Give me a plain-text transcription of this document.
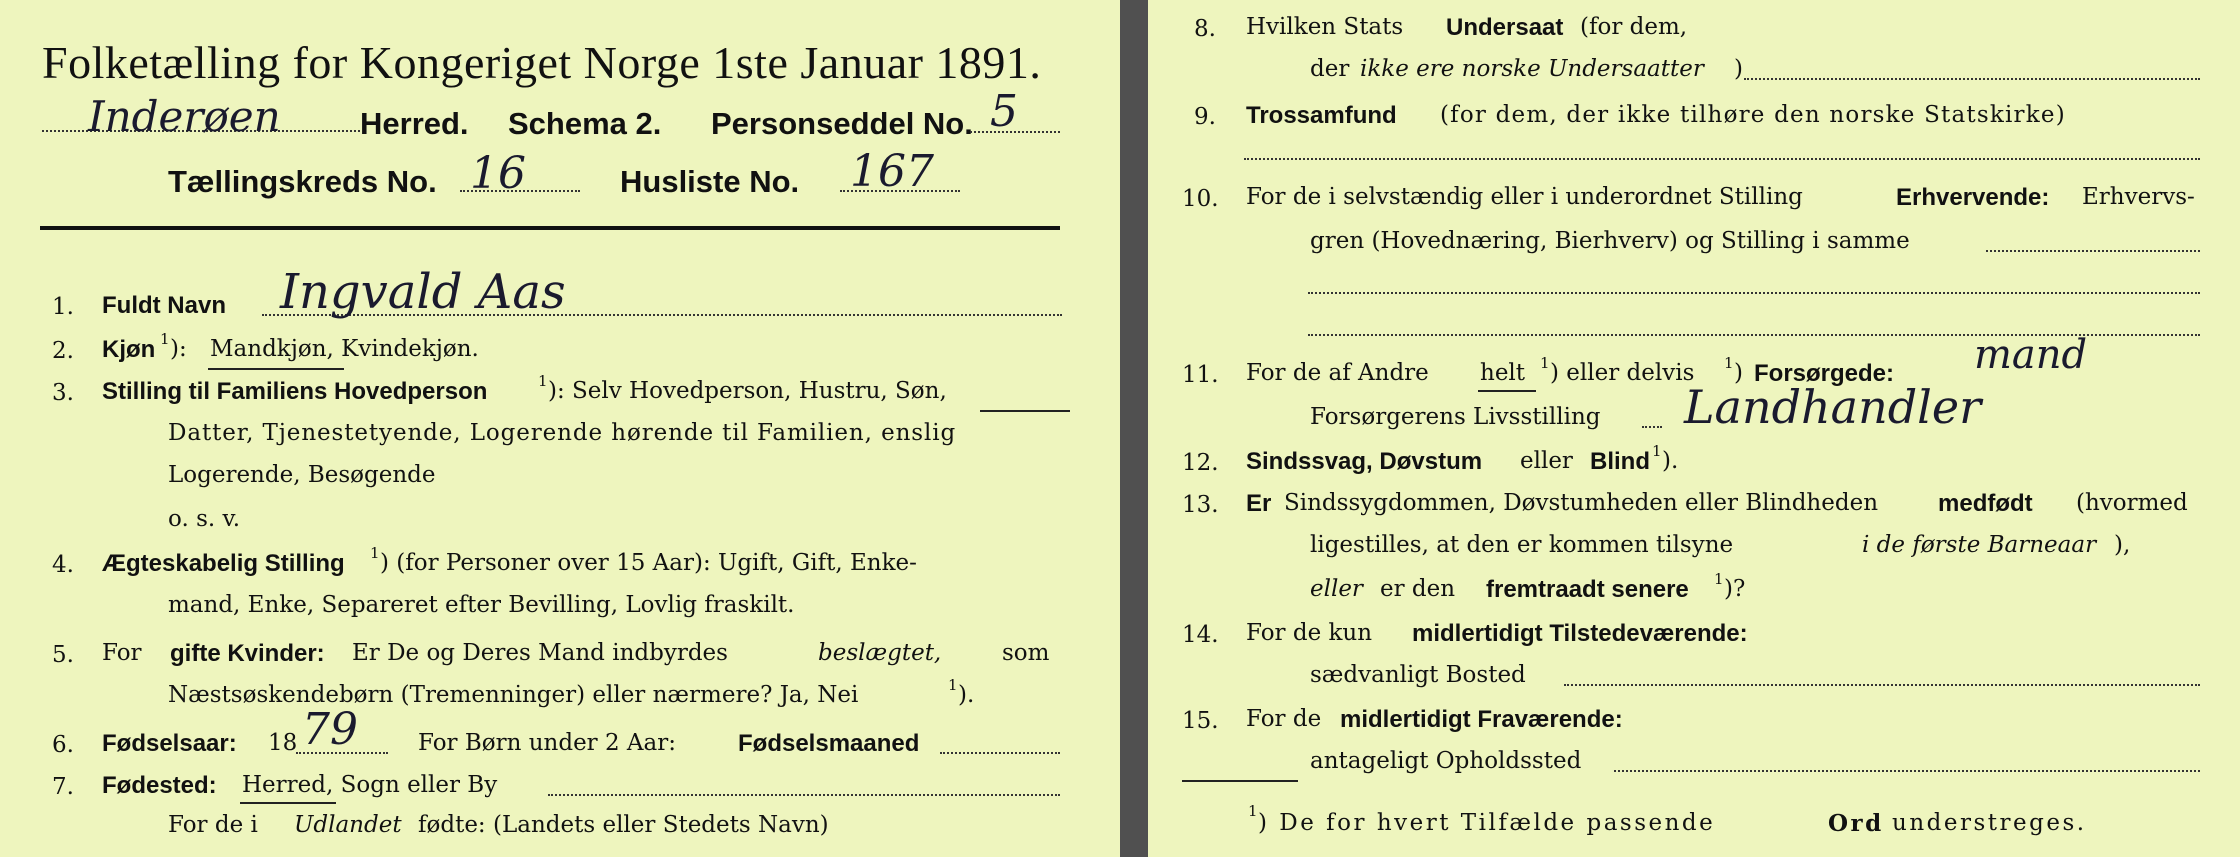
Folketælling for Kongeriget Norge 1ste Januar 1891.
Inderøen	Herred. Schema 2. Personseddel No. 5
Tællingskreds No. 16	Husliste No. 167
1. Fuldt Navn Ingvald Aas
2. Kjøn 1 ): Mandkjøn, Kvindekjøn.
3. Stilling til Familiens Hovedperson	1 ): Selv Hovedperson, Hustru, Søn,
Datter, Tjenestetyende, Logerende hørende til Familien, enslig
Logerende, Besøgende
o. s. v.
4. Ægteskabelig Stilling 1 ) (for Personer over 15 Aar): Ugift, Gift, Enke-
mand, Enke, Separeret efter Bevilling, Lovlig fraskilt.
5. For gifte Kvinder: Er De og Deres Mand indbyrdes	beslægtet,	som
Næstsøskendebørn (Tremenninger) eller nærmere? Ja, Nei	1 ).
6. Fødselsaar: 18 79	For Børn under 2 Aar:	Fødselsmaaned
7. Fødested: Herred, Sogn eller By
For de i Udlandet fødte: (Landets eller Stedets Navn)
8. Hvilken Stats Undersaat (for dem,
der ikke ere norske Undersaatter )
9. Trossamfund (for dem, der ikke tilhøre den norske Statskirke)
10. For de i selvstændig eller i underordnet Stilling	Erhvervende: Erhvervs-
gren (Hovednæring, Bierhverv) og Stilling i samme
11. For de af Andre helt 1 ) eller delvis 1 ) Forsørgede: mand
Forsørgerens Livsstilling Landhandler
12. Sindssvag, Døvstum eller Blind 1 ).
13. Er Sindssygdommen, Døvstumheden eller Blindheden medfødt (hvormed
ligestilles, at den er kommen tilsyne	i de første Barneaar ),
eller er den fremtraadt senere 1 )?
14. For de kun midlertidigt Tilstedeværende:
sædvanligt Bosted
15. For de midlertidigt Fraværende:
antageligt Opholdssted
1 ) De for hvert Tilfælde passende	Ord understreges.
